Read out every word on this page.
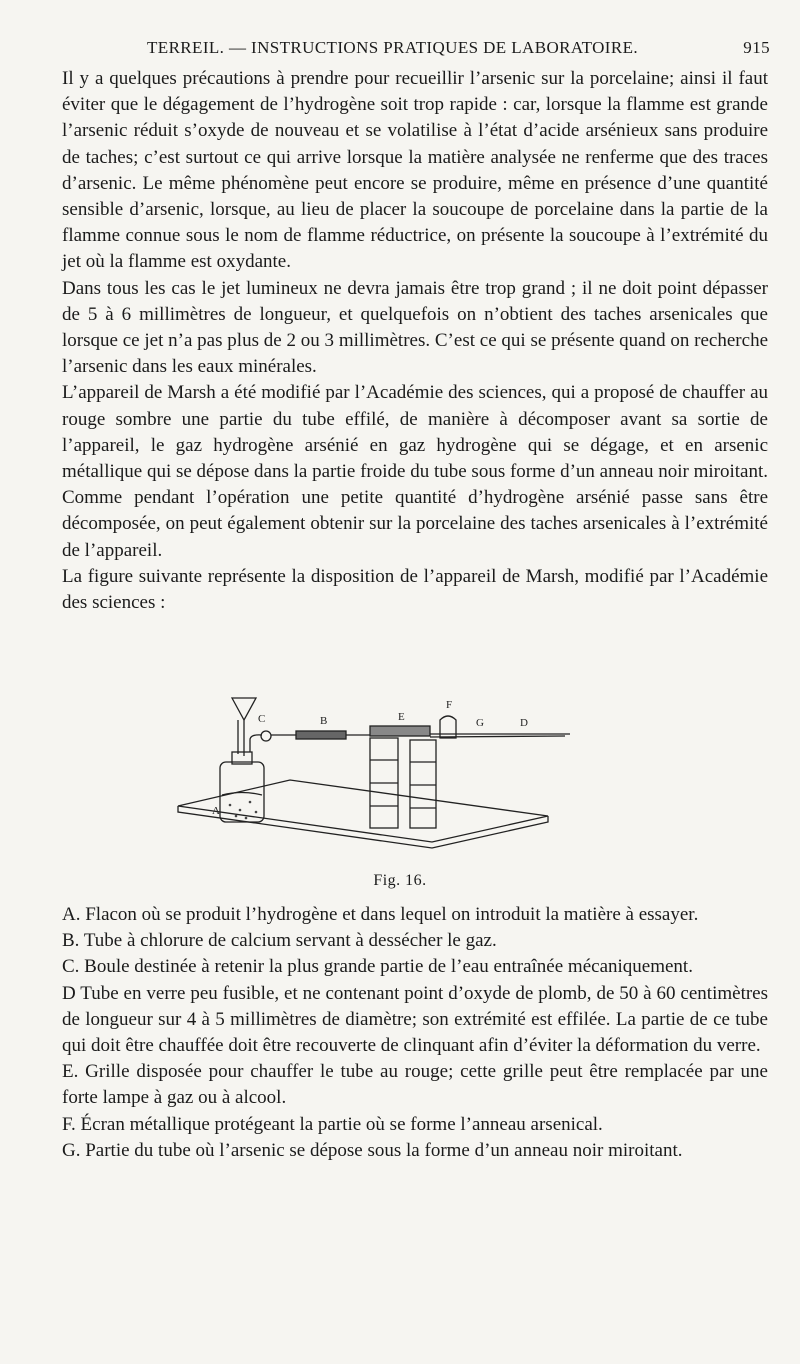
TERREIL. — INSTRUCTIONS PRATIQUES DE LABORATOIRE.	915

Il y a quelques précautions à prendre pour recueillir l’arsenic sur la porcelaine; ainsi il faut éviter que le dégagement de l’hydrogène soit trop rapide : car, lorsque la flamme est grande l’arsenic réduit s’oxyde de nouveau et se volatilise à l’état d’acide arsénieux sans produire de taches; c’est surtout ce qui arrive lorsque la matière analysée ne renferme que des traces d’arsenic. Le même phénomène peut encore se produire, même en présence d’une quantité sensible d’arsenic, lorsque, au lieu de placer la soucoupe de porcelaine dans la partie de la flamme connue sous le nom de flamme réductrice, on présente la soucoupe à l’extrémité du jet où la flamme est oxydante.

Dans tous les cas le jet lumineux ne devra jamais être trop grand ; il ne doit point dépasser de 5 à 6 millimètres de longueur, et quelquefois on n’obtient des taches arsenicales que lorsque ce jet n’a pas plus de 2 ou 3 millimètres. C’est ce qui se présente quand on recherche l’arsenic dans les eaux minérales.

L’appareil de Marsh a été modifié par l’Académie des sciences, qui a proposé de chauffer au rouge sombre une partie du tube effilé, de manière à décomposer avant sa sortie de l’appareil, le gaz hydrogène arsénié en gaz hydrogène qui se dégage, et en arsenic métallique qui se dépose dans la partie froide du tube sous forme d’un anneau noir miroitant.

Comme pendant l’opération une petite quantité d’hydrogène arsénié passe sans être décomposée, on peut également obtenir sur la porcelaine des taches arsenicales à l’extrémité de l’appareil.

La figure suivante représente la disposition de l’appareil de Marsh, modifié par l’Académie des sciences :

A
C	B	E
F
G	D
Fig. 16.

A. Flacon où se produit l’hydrogène et dans lequel on introduit la matière à essayer.

B. Tube à chlorure de calcium servant à dessécher le gaz.

C. Boule destinée à retenir la plus grande partie de l’eau entraînée mécaniquement.

D Tube en verre peu fusible, et ne contenant point d’oxyde de plomb, de 50 à 60 centimètres de longueur sur 4 à 5 millimètres de diamètre; son extrémité est effilée. La partie de ce tube qui doit être chauffée doit être recouverte de clinquant afin d’éviter la déformation du verre.

E. Grille disposée pour chauffer le tube au rouge; cette grille peut être remplacée par une forte lampe à gaz ou à alcool.

F. Écran métallique protégeant la partie où se forme l’anneau arsenical.

G. Partie du tube où l’arsenic se dépose sous la forme d’un anneau noir miroitant.
